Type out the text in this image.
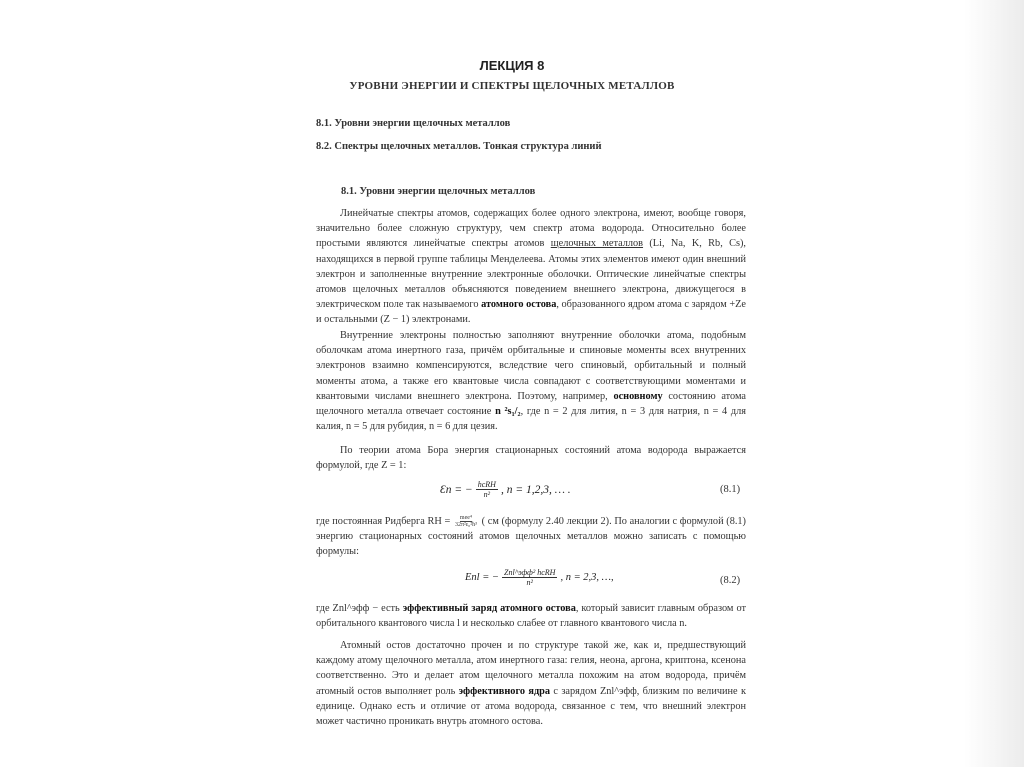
ЛЕКЦИЯ 8
УРОВНИ ЭНЕРГИИ И СПЕКТРЫ ЩЕЛОЧНЫХ МЕТАЛЛОВ
8.1. Уровни энергии щелочных металлов
8.2. Спектры щелочных металлов. Тонкая структура линий
8.1. Уровни энергии щелочных металлов
Линейчатые спектры атомов, содержащих более одного электрона, имеют, вообще говоря, значительно более сложную структуру, чем спектр атома водорода. Относительно более простыми являются линейчатые спектры атомов щелочных металлов (Li, Na, K, Rb, Cs), находящихся в первой группе таблицы Менделеева. Атомы этих элементов имеют один внешний электрон и заполненные внутренние электронные оболочки. Оптические линейчатые спектры атомов щелочных металлов объясняются поведением внешнего электрона, движущегося в электрическом поле так называемого атомного остова, образованного ядром атома с зарядом +Ze и остальными (Z − 1) электронами.
Внутренние электроны полностью заполняют внутренние оболочки атома, подобным оболочкам атома инертного газа, причём орбитальные и спиновые моменты всех внутренних электронов взаимно компенсируются, вследствие чего спиновый, орбитальный и полный моменты атома, а также его квантовые числа совпадают с соответствующими моментами и квантовыми числами внешнего электрона. Поэтому, например, основному состоянию атома щелочного металла отвечает состояние n ²s₁/₂, где n = 2 для лития, n = 3 для натрия, n = 4 для калия, n = 5 для рубидия, n = 6 для цезия.
По теории атома Бора энергия стационарных состояний атома водорода выражается формулой, где Z = 1:
Ɛn = − $\frac{\text{hcRH}}{\text{n²}}$ , n = 1,2,3, … .	(8.1)
где постоянная Ридберга RH = $\frac{\text{meе⁴}}{\text{32π²ε₀²ħ³}}$ ( см (формулу 2.40 лекции 2). По аналогии с формулой (8.1) энергию стационарных состояний атомов щелочных металлов можно записать с помощью формулы:
Enl = − $\frac{\text{Znl\textasciicircum{}эфф² hcRH}}{\text{n²}}$ , n = 2,3, …,	(8.2)
где Znl^эфф − есть эффективный заряд атомного остова, который зависит главным образом от орбитального квантового числа l и несколько слабее от главного квантового числа n.
Атомный остов достаточно прочен и по структуре такой же, как и, предшествующий каждому атому щелочного металла, атом инертного газа: гелия, неона, аргона, криптона, ксенона соответственно. Это и делает атом щелочного металла похожим на атом водорода, причём атомный остов выполняет роль эффективного ядра с зарядом Znl^эфф, близким по величине к единице. Однако есть и отличие от атома водорода, связанное с тем, что внешний электрон может частично проникать внутрь атомного остова.
